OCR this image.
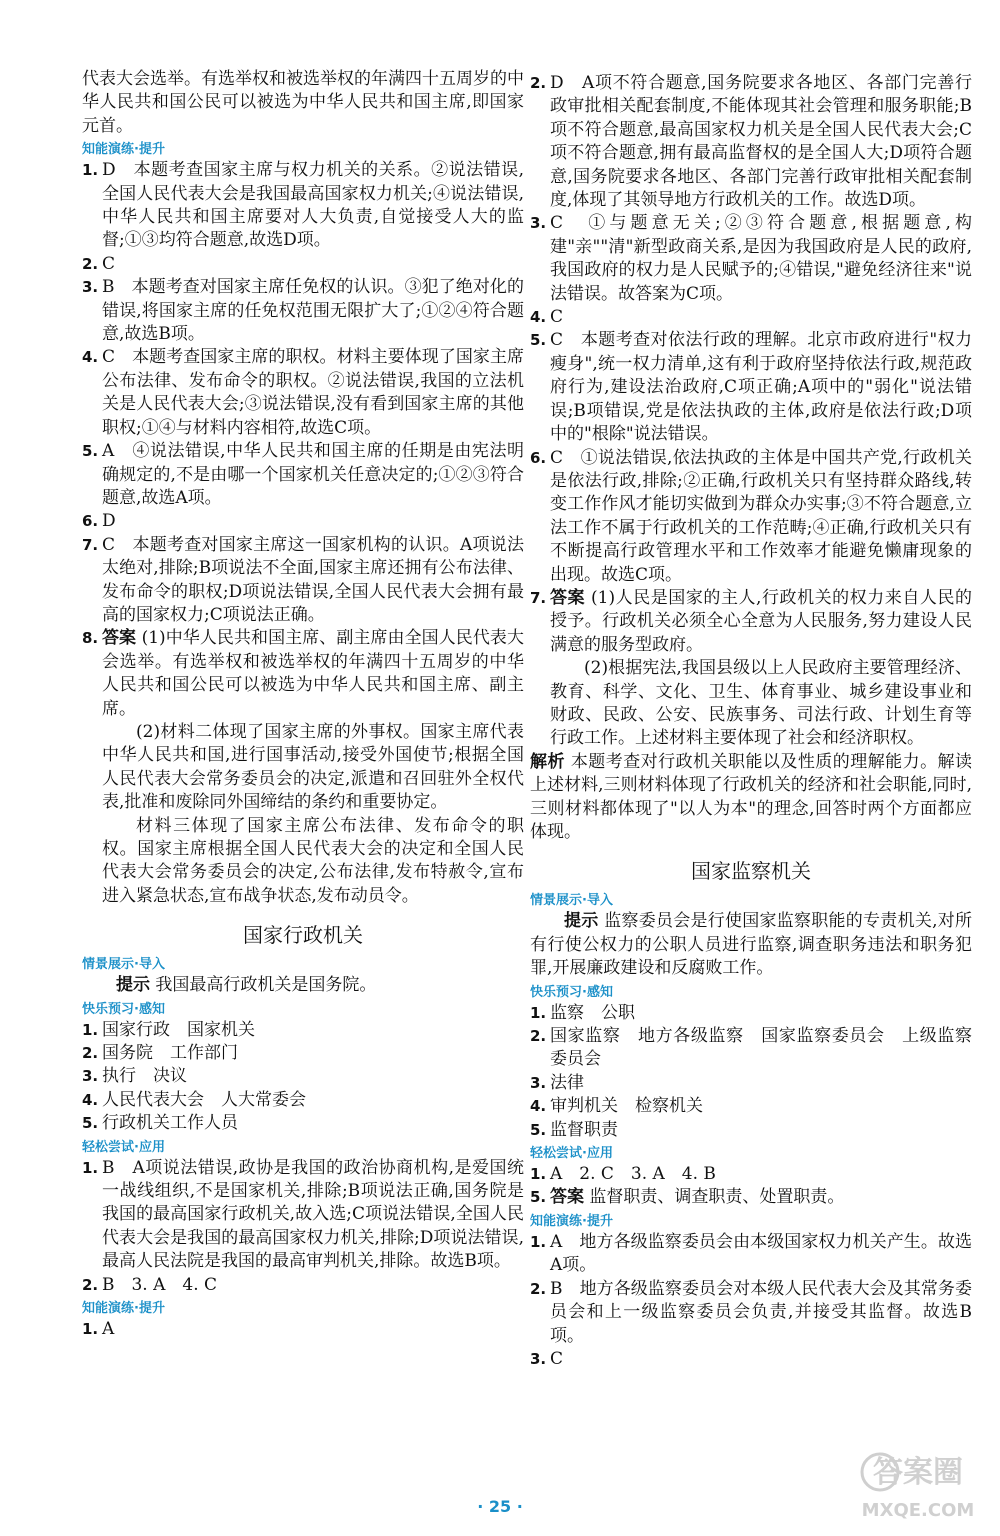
代表大会选举。有选举权和被选举权的年满四十五周岁的中华人民共和国公民可以被选为中华人民共和国主席,即国家元首。

知能演练·提升
1. D　本题考查国家主席与权力机关的关系。②说法错误,全国人民代表大会是我国最高国家权力机关;④说法错误,中华人民共和国主席要对人大负责,自觉接受人大的监督;①③均符合题意,故选D项。
2. C
3. B　本题考查对国家主席任免权的认识。③犯了绝对化的错误,将国家主席的任免权范围无限扩大了;①②④符合题意,故选B项。
4. C　本题考查国家主席的职权。材料主要体现了国家主席公布法律、发布命令的职权。②说法错误,我国的立法机关是人民代表大会;③说法错误,没有看到国家主席的其他职权;①④与材料内容相符,故选C项。
5. A　④说法错误,中华人民共和国主席的任期是由宪法明确规定的,不是由哪一个国家机关任意决定的;①②③符合题意,故选A项。
6. D
7. C　本题考查对国家主席这一国家机构的认识。A项说法太绝对,排除;B项说法不全面,国家主席还拥有公布法律、发布命令的职权;D项说法错误,全国人民代表大会拥有最高的国家权力;C项说法正确。
8. 答案 (1)中华人民共和国主席、副主席由全国人民代表大会选举。有选举权和被选举权的年满四十五周岁的中华人民共和国公民可以被选为中华人民共和国主席、副主席。

(2)材料二体现了国家主席的外事权。国家主席代表中华人民共和国,进行国事活动,接受外国使节;根据全国人民代表大会常务委员会的决定,派遣和召回驻外全权代表,批准和废除同外国缔结的条约和重要协定。

材料三体现了国家主席公布法律、发布命令的职权。国家主席根据全国人民代表大会的决定和全国人民代表大会常务委员会的决定,公布法律,发布特赦令,宣布进入紧急状态,宣布战争状态,发布动员令。

国家行政机关
情景展示·导入

提示 我国最高行政机关是国务院。

快乐预习·感知
1. 国家行政　国家机关
2. 国务院　工作部门
3. 执行　决议
4. 人民代表大会　人大常委会
5. 行政机关工作人员
轻松尝试·应用
1. B　A项说法错误,政协是我国的政治协商机构,是爱国统一战线组织,不是国家机关,排除;B项说法正确,国务院是我国的最高国家行政机关,故入选;C项说法错误,全国人民代表大会是我国的最高国家权力机关,排除;D项说法错误,最高人民法院是我国的最高审判机关,排除。故选B项。
2. B　3. A　4. C
知能演练·提升
1. A
2. D　A项不符合题意,国务院要求各地区、各部门完善行政审批相关配套制度,不能体现其社会管理和服务职能;B项不符合题意,最高国家权力机关是全国人民代表大会;C项不符合题意,拥有最高监督权的是全国人大;D项符合题意,国务院要求各地区、各部门完善行政审批相关配套制度,体现了其领导地方行政机关的工作。故选D项。
3. C　①与题意无关;②③符合题意,根据题意,构建"亲""清"新型政商关系,是因为我国政府是人民的政府,我国政府的权力是人民赋予的;④错误,"避免经济往来"说法错误。故答案为C项。
4. C
5. C　本题考查对依法行政的理解。北京市政府进行"权力瘦身",统一权力清单,这有利于政府坚持依法行政,规范政府行为,建设法治政府,C项正确;A项中的"弱化"说法错误;B项错误,党是依法执政的主体,政府是依法行政;D项中的"根除"说法错误。
6. C　①说法错误,依法执政的主体是中国共产党,行政机关是依法行政,排除;②正确,行政机关只有坚持群众路线,转变工作作风才能切实做到为群众办实事;③不符合题意,立法工作不属于行政机关的工作范畴;④正确,行政机关只有不断提高行政管理水平和工作效率才能避免懒庸现象的出现。故选C项。
7. 答案 (1)人民是国家的主人,行政机关的权力来自人民的授予。行政机关必须全心全意为人民服务,努力建设人民满意的服务型政府。

(2)根据宪法,我国县级以上人民政府主要管理经济、教育、科学、文化、卫生、体育事业、城乡建设事业和财政、民政、公安、民族事务、司法行政、计划生育等行政工作。上述材料主要体现了社会和经济职权。

解析 本题考查对行政机关职能以及性质的理解能力。解读上述材料,三则材料体现了行政机关的经济和社会职能,同时,三则材料都体现了"以人为本"的理念,回答时两个方面都应体现。

国家监察机关
情景展示·导入

提示 监察委员会是行使国家监察职能的专责机关,对所有行使公权力的公职人员进行监察,调查职务违法和职务犯罪,开展廉政建设和反腐败工作。

快乐预习·感知
1. 监察　公职
2. 国家监察　地方各级监察　国家监察委员会　上级监察委员会
3. 法律
4. 审判机关　检察机关
5. 监督职责
轻松尝试·应用
1. A　2. C　3. A　4. B
5. 答案 监督职责、调查职责、处置职责。
知能演练·提升
1. A　地方各级监察委员会由本级国家权力机关产生。故选A项。
2. B　地方各级监察委员会对本级人民代表大会及其常务委员会和上一级监察委员会负责,并接受其监督。故选B项。
3. C
· 25 ·
答案圈
MXQE.COM
